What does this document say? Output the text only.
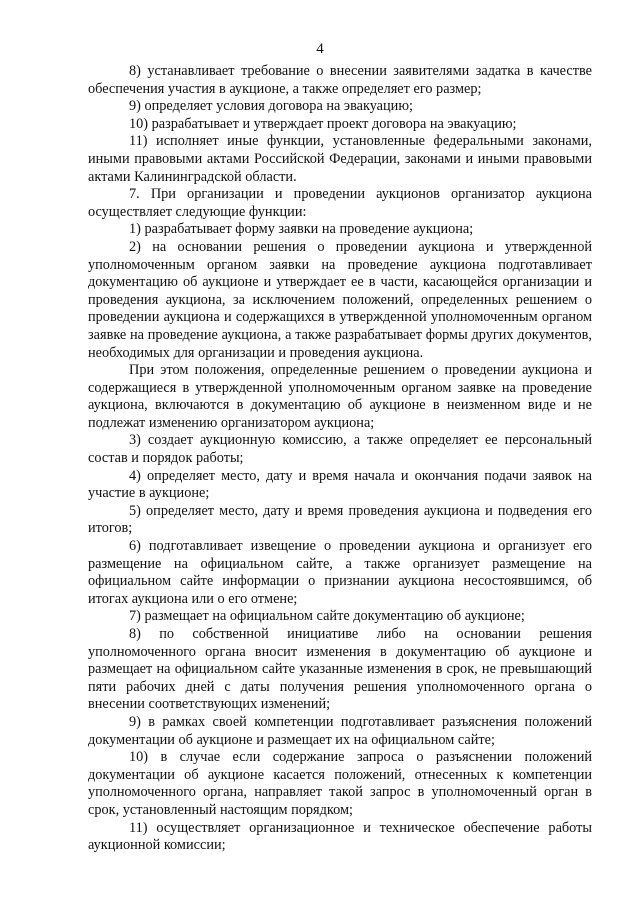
4

8) устанавливает требование о внесении заявителями задатка в качестве обеспечения участия в аукционе, а также определяет его размер;

9) определяет условия договора на эвакуацию;

10) разрабатывает и утверждает проект договора на эвакуацию;

11) исполняет иные функции, установленные федеральными законами, иными правовыми актами Российской Федерации, законами и иными правовыми актами Калининградской области.

7. При организации и проведении аукционов организатор аукциона осуществляет следующие функции:

1) разрабатывает форму заявки на проведение аукциона;

2) на основании решения о проведении аукциона и утвержденной уполномоченным органом заявки на проведение аукциона подготавливает документацию об аукционе и утверждает ее в части, касающейся организации и проведения аукциона, за исключением положений, определенных решением о проведении аукциона и содержащихся в утвержденной уполномоченным органом заявке на проведение аукциона, а также разрабатывает формы других документов, необходимых для организации и проведения аукциона.

При этом положения, определенные решением о проведении аукциона и содержащиеся в утвержденной уполномоченным органом заявке на проведение аукциона, включаются в документацию об аукционе в неизменном виде и не подлежат изменению организатором аукциона;

3) создает аукционную комиссию, а также определяет ее персональный состав и порядок работы;

4) определяет место, дату и время начала и окончания подачи заявок на участие в аукционе;

5) определяет место, дату и время проведения аукциона и подведения его итогов;

6) подготавливает извещение о проведении аукциона и организует его размещение на официальном сайте, а также организует размещение на официальном сайте информации о признании аукциона несостоявшимся, об итогах аукциона или о его отмене;

7) размещает на официальном сайте документацию об аукционе;

8) по собственной инициативе либо на основании решения уполномоченного органа вносит изменения в документацию об аукционе и размещает на официальном сайте указанные изменения в срок, не превышающий пяти рабочих дней с даты получения решения уполномоченного органа о внесении соответствующих изменений;

9) в рамках своей компетенции подготавливает разъяснения положений документации об аукционе и размещает их на официальном сайте;

10) в случае если содержание запроса о разъяснении положений документации об аукционе касается положений, отнесенных к компетенции уполномоченного органа, направляет такой запрос в уполномоченный орган в срок, установленный настоящим порядком;

11) осуществляет организационное и техническое обеспечение работы аукционной комиссии;
